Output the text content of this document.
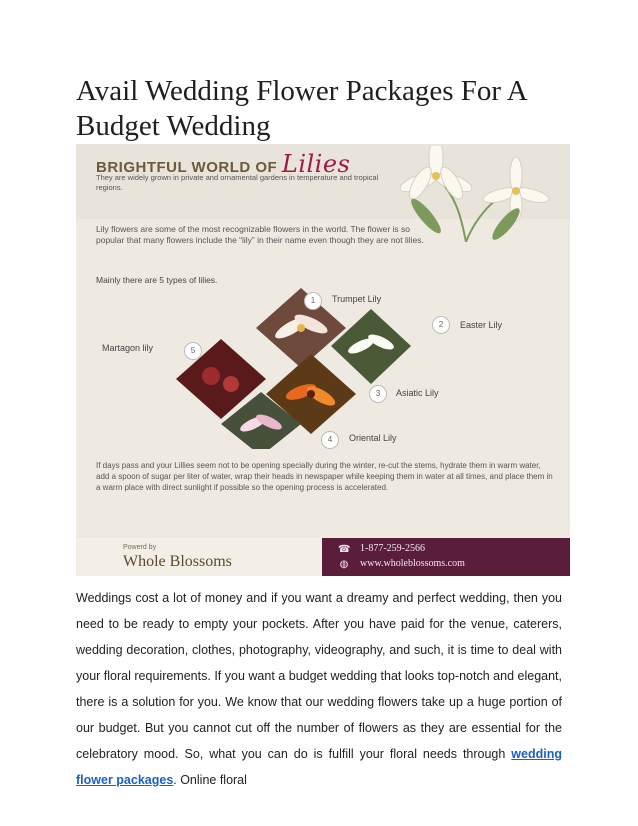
Avail Wedding Flower Packages For A Budget Wedding
BRIGHTFUL WORLD OF Lilies
They are widely grown in private and ornamental gardens in temperature and tropical regions.
Lily flowers are some of the most recognizable flowers in the world. The flower is so popular that many flowers include the “lily” in their name even though they are not lilies.
Mainly there are 5 types of lilies.
1	Trumpet Lily
2	Easter Lily
3	Asiatic Lily
4	Oriental Lily
5
Martagon lily
If days pass and your Lillies seem not to be opening specially during the winter, re-cut the stems, hydrate them in warm water, add a spoon of sugar per liter of water, wrap their heads in newspaper while keeping them in water at all times, and place them in a warm place with direct sunlight if possible so the opening process is accelerated.
Powerd by
Whole Blossoms
☎ 1-877-259-2566
◍ www.wholeblossoms.com

Weddings cost a lot of money and if you want a dreamy and perfect wedding, then you need to be ready to empty your pockets. After you have paid for the venue, caterers, wedding decoration, clothes, photography, videography, and such, it is time to deal with your floral requirements. If you want a budget wedding that looks top-notch and elegant, there is a solution for you. We know that our wedding flowers take up a huge portion of our budget. But you cannot cut off the number of flowers as they are essential for the celebratory mood. So, what you can do is fulfill your floral needs through wedding flower packages. Online floral
